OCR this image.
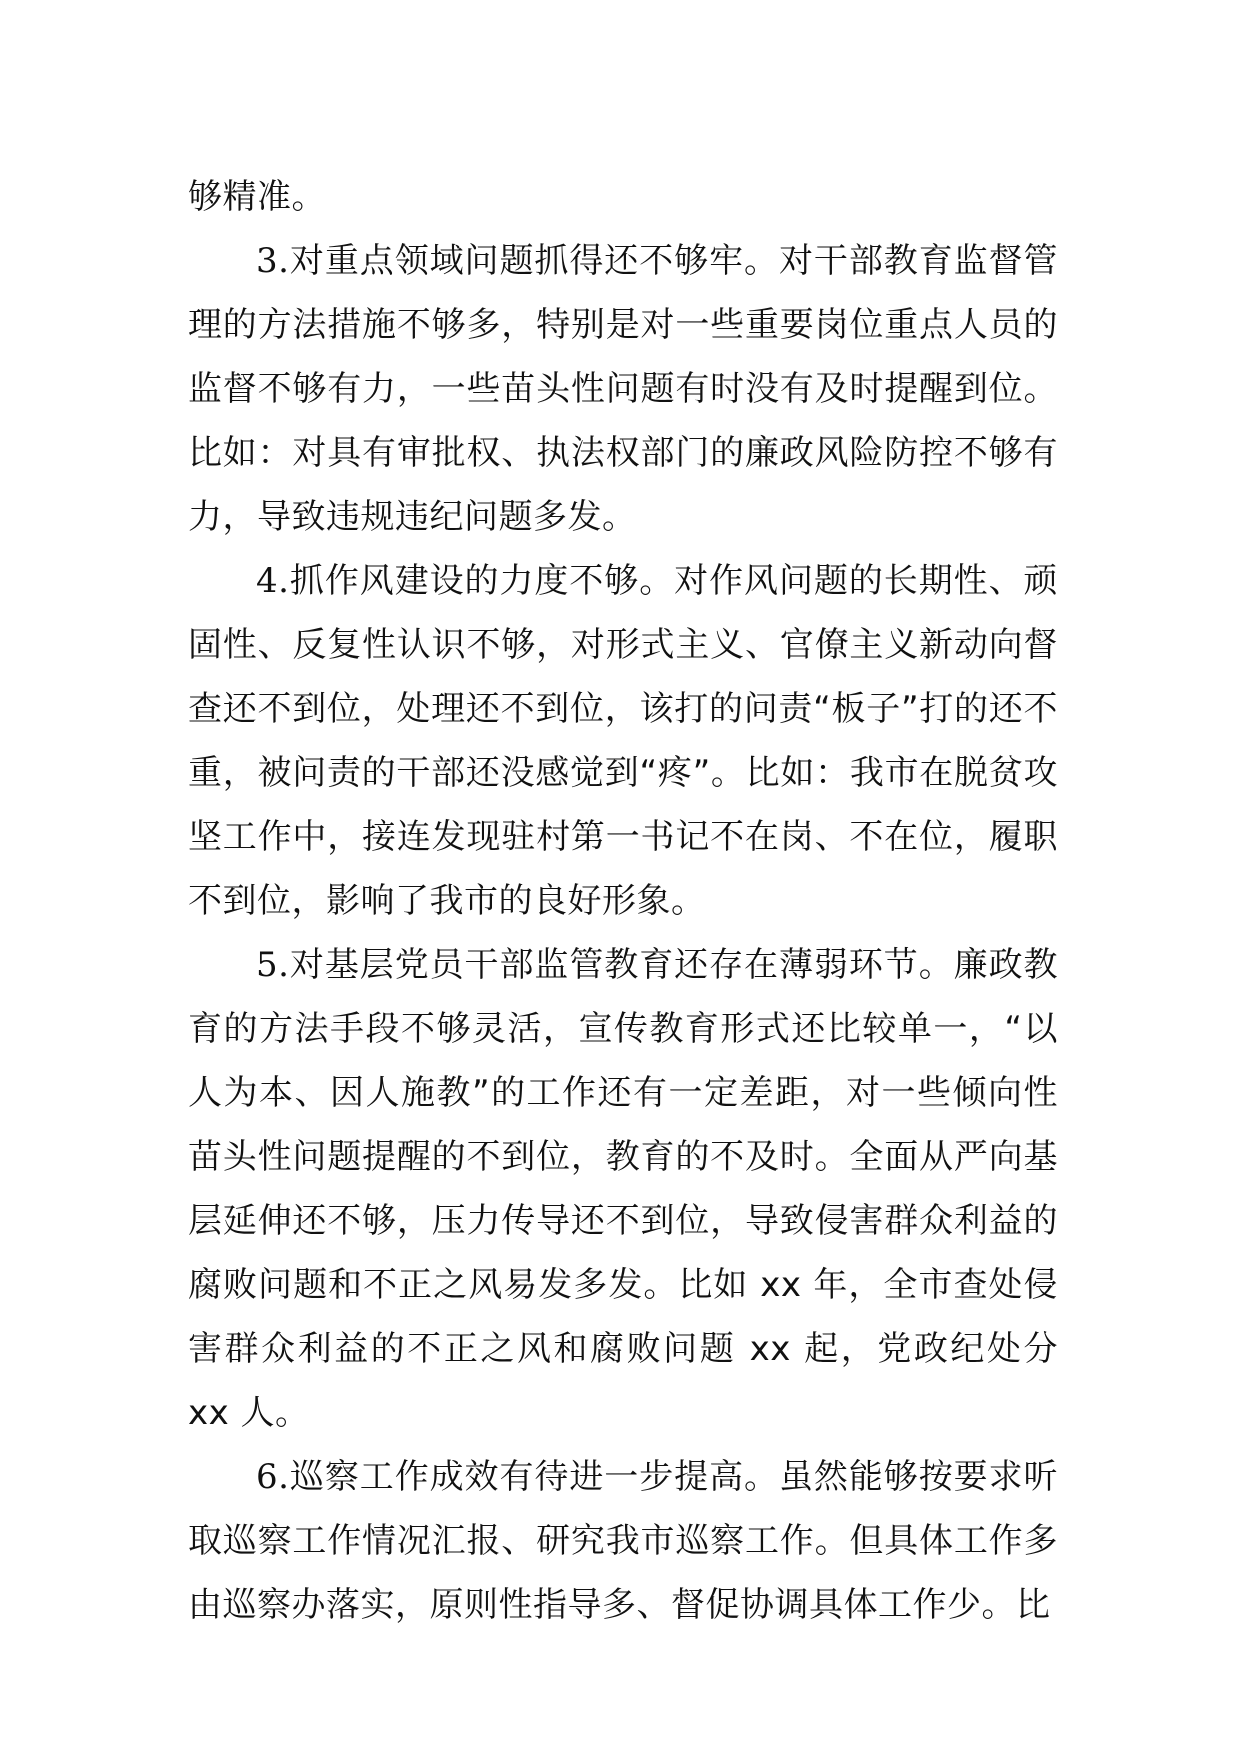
够精准。

3.对重点领域问题抓得还不够牢。对干部教育监督管理的方法措施不够多，特别是对一些重要岗位重点人员的监督不够有力，一些苗头性问题有时没有及时提醒到位。比如：对具有审批权、执法权部门的廉政风险防控不够有力，导致违规违纪问题多发。

4.抓作风建设的力度不够。对作风问题的长期性、顽固性、反复性认识不够，对形式主义、官僚主义新动向督查还不到位，处理还不到位，该打的问责“板子”打的还不重，被问责的干部还没感觉到“疼”。比如：我市在脱贫攻坚工作中，接连发现驻村第一书记不在岗、不在位，履职不到位，影响了我市的良好形象。

5.对基层党员干部监管教育还存在薄弱环节。廉政教育的方法手段不够灵活，宣传教育形式还比较单一，“以人为本、因人施教”的工作还有一定差距，对一些倾向性苗头性问题提醒的不到位，教育的不及时。全面从严向基层延伸还不够，压力传导还不到位，导致侵害群众利益的腐败问题和不正之风易发多发。比如 xx 年，全市查处侵害群众利益的不正之风和腐败问题 xx 起，党政纪处分 xx 人。

6.巡察工作成效有待进一步提高。虽然能够按要求听取巡察工作情况汇报、研究我市巡察工作。但具体工作多由巡察办落实，原则性指导多、督促协调具体工作少。比
